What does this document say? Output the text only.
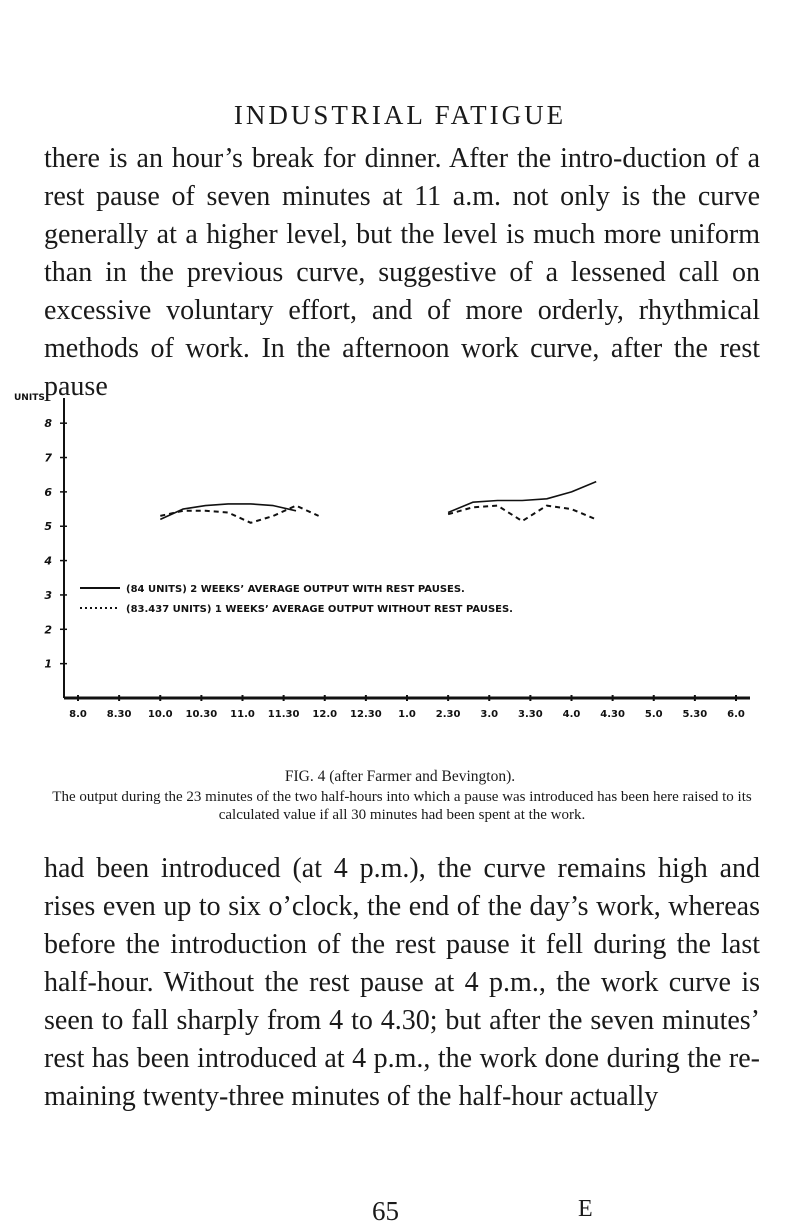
INDUSTRIAL FATIGUE
there is an hour’s break for dinner. After the intro-duction of a rest pause of seven minutes at 11 a.m. not only is the curve generally at a higher level, but the level is much more uniform than in the previous curve, suggestive of a lessened call on excessive voluntary effort, and of more orderly, rhythmical methods of work. In the afternoon work curve, after the rest pause
UNITS
8
7
6
5
4
3
2
1
8.0 8.30 10.0 10.30 11.0 11.30 12.0 12.30 1.0 2.30 3.0 3.30 4.0 4.30 5.0 5.30 6.0
(84 UNITS) 2 WEEKS’ AVERAGE OUTPUT WITH REST PAUSES.
(83.437 UNITS) 1 WEEKS’ AVERAGE OUTPUT WITHOUT REST PAUSES.
FIG. 4 (after Farmer and Bevington).
The output during the 23 minutes of the two half-hours into which a pause was introduced has been here raised to its calculated value if all 30 minutes had been spent at the work.
had been introduced (at 4 p.m.), the curve remains high and rises even up to six o’clock, the end of the day’s work, whereas before the introduction of the rest pause it fell during the last half-hour. Without the rest pause at 4 p.m., the work curve is seen to fall sharply from 4 to 4.30; but after the seven minutes’ rest has been introduced at 4 p.m., the work done during the re-maining twenty-three minutes of the half-hour actually
65	E
